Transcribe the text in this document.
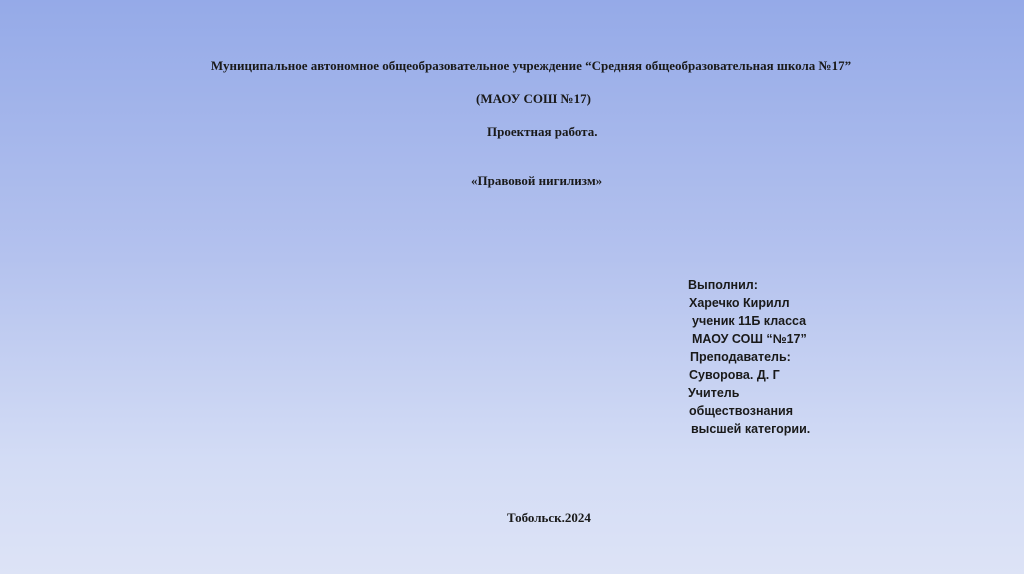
Муниципальное автономное общеобразовательное учреждение “Средняя общеобразовательная школа №17”
(МАОУ СОШ №17)
Проектная работа.
«Правовой нигилизм»
Выполнил:
Харечко Кирилл
ученик 11Б класса
МАОУ СОШ “№17”
Преподаватель:
Суворова. Д. Г
Учитель
обществознания
высшей категории.
Тобольск.2024
